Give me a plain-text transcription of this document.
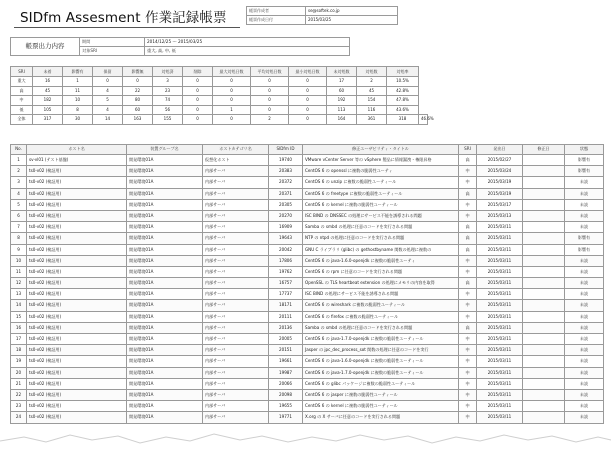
SIDfm Assesment 作業記録帳票	帳票作成者	se@softek.co.jp
帳票作成日付	2015/03/25
帳票出力内容	期間	2014/12/25 ～ 2015/03/25
	対象SRI	重大, 高, 中, 低
SRI	未着	影響有	保留	影響無	対処済	削除	最大対処日数	平均対処日数	最小対処日数	未対処数	対処数	対処率	
重大	16	1	0	0	3	0	0	0	0	17	2	10.5%	
高	45	11	4	22	23	0	0	0	0	60	45	42.8%	
中	182	10	5	80	74	0	0	0	0	192	154	47.8%	
低	105	8	4	60	56	0	1	0	0	113	116	43.6%	
全体	317	30	14	163	155	0	0	2	0	164	361	318	46.6%
No.	ホスト名	装置グループ名	ホストカテゴリ名	SIDfm ID	修正ユーザビリティ・タイトル	SRI	発出日	修正日	状態
1	sv-vl01 (テスト基盤)	開発環境01A	仮想化ホスト	19740	VMware vCenter Server 等の vSphere 製品に情報漏洩・権限昇格	高	2015/02/27		影響有
2	ts0-v02 (検証用)	開発環境01A	内部サーバ	20383	CentOS 6 の openssl に複数の脆弱性ユーティ	中	2015/03/24		影響有
3	ts0-v02 (検証用)	開発環境01A	内部サーバ	20372	CentOS 6 の unzip に複数の脆弱性ユーティール	中	2015/03/19		未読
4	ts0-v02 (検証用)	開発環境01A	内部サーバ	20371	CentOS 6 の freetype に複数の脆弱性ユーティール	高	2015/03/19		未読
5	ts0-v02 (検証用)	開発環境01A	内部サーバ	20305	CentOS 6 の kernel に複数の脆弱性ユーティール	中	2015/03/17		未読
6	ts0-v02 (検証用)	開発環境01A	内部サーバ	20270	ISC BIND の DNSSEC の処理にサービス不能を誘導される問題	中	2015/03/13		未読
7	ts0-v02 (検証用)	開発環境01A	内部サーバ	16909	Samba の smbd の処理に任意のコードを実行される問題	高	2015/03/11		未読
8	ts0-v02 (検証用)	開発環境01A	内部サーバ	19643	NTP の ntpd の処理に任意のコードを実行される問題	高	2015/03/11		影響有
9	ts0-v02 (検証用)	開発環境01A	内部サーバ	20042	GNU C ライブラリ (glibc) の gethostbyname 関数の処理に複数の	高	2015/03/11		影響有
10	ts0-v02 (検証用)	開発環境01A	内部サーバ	17806	CentOS 6 の java-1.6.0-openjdk に複数の脆弱性ユーティ	中	2015/03/11		未読
11	ts0-v02 (検証用)	開発環境01A	内部サーバ	19762	CentOS 6 の rpm に任意のコードを実行される問題	中	2015/03/11		未読
12	ts0-v02 (検証用)	開発環境01A	内部サーバ	16757	OpenSSL の TLS heartbeat extension の処理にメモリの内容を取得	高	2015/03/11		未読
13	ts0-v02 (検証用)	開発環境01A	内部サーバ	17737	ISC BIND の処理にサービス不能を誘導される問題	中	2015/03/11		未読
14	ts0-v02 (検証用)	開発環境01A	内部サーバ	18171	CentOS 6 の wireshark に複数の脆弱性ユーティール	中	2015/03/11		未読
15	ts0-v02 (検証用)	開発環境01A	内部サーバ	20111	CentOS 6 の firefox に複数の脆弱性ユーティール	中	2015/03/11		未読
16	ts0-v02 (検証用)	開発環境01A	内部サーバ	20136	Samba の smbd の処理に任意のコードを実行される問題	高	2015/03/11		未読
17	ts0-v02 (検証用)	開発環境01A	内部サーバ	20005	CentOS 6 の java-1.7.0-openjdk に複数の脆弱性ユーティール	中	2015/03/11		未読
18	ts0-v02 (検証用)	開発環境01A	内部サーバ	20151	Jasper の jpc_dec_process_sot 関数の処理に任意のコードを実行	中	2015/03/11		未読
19	ts0-v02 (検証用)	開発環境01A	内部サーバ	19661	CentOS 6 の java-1.6.0-openjdk に複数の脆弱性ユーティール	中	2015/03/11		未読
20	ts0-v02 (検証用)	開発環境01A	内部サーバ	19987	CentOS 6 の java-1.7.0-openjdk に複数の脆弱性ユーティール	中	2015/03/11		未読
21	ts0-v02 (検証用)	開発環境01A	内部サーバ	20066	CentOS 6 の glibc パッケージに複数の脆弱性ユーティール	中	2015/03/11		未読
22	ts0-v02 (検証用)	開発環境01A	内部サーバ	20098	CentOS 6 の jasper に複数の脆弱性ユーティール	中	2015/03/11		未読
23	ts0-v02 (検証用)	開発環境01A	内部サーバ	19655	CentOS 6 の kernel に複数の脆弱性ユーティール	中	2015/03/11		未読
24	ts0-v02 (検証用)	開発環境01A	内部サーバ	19771	X.org の X サーバに任意のコードを実行される問題	中	2015/03/11		未読
